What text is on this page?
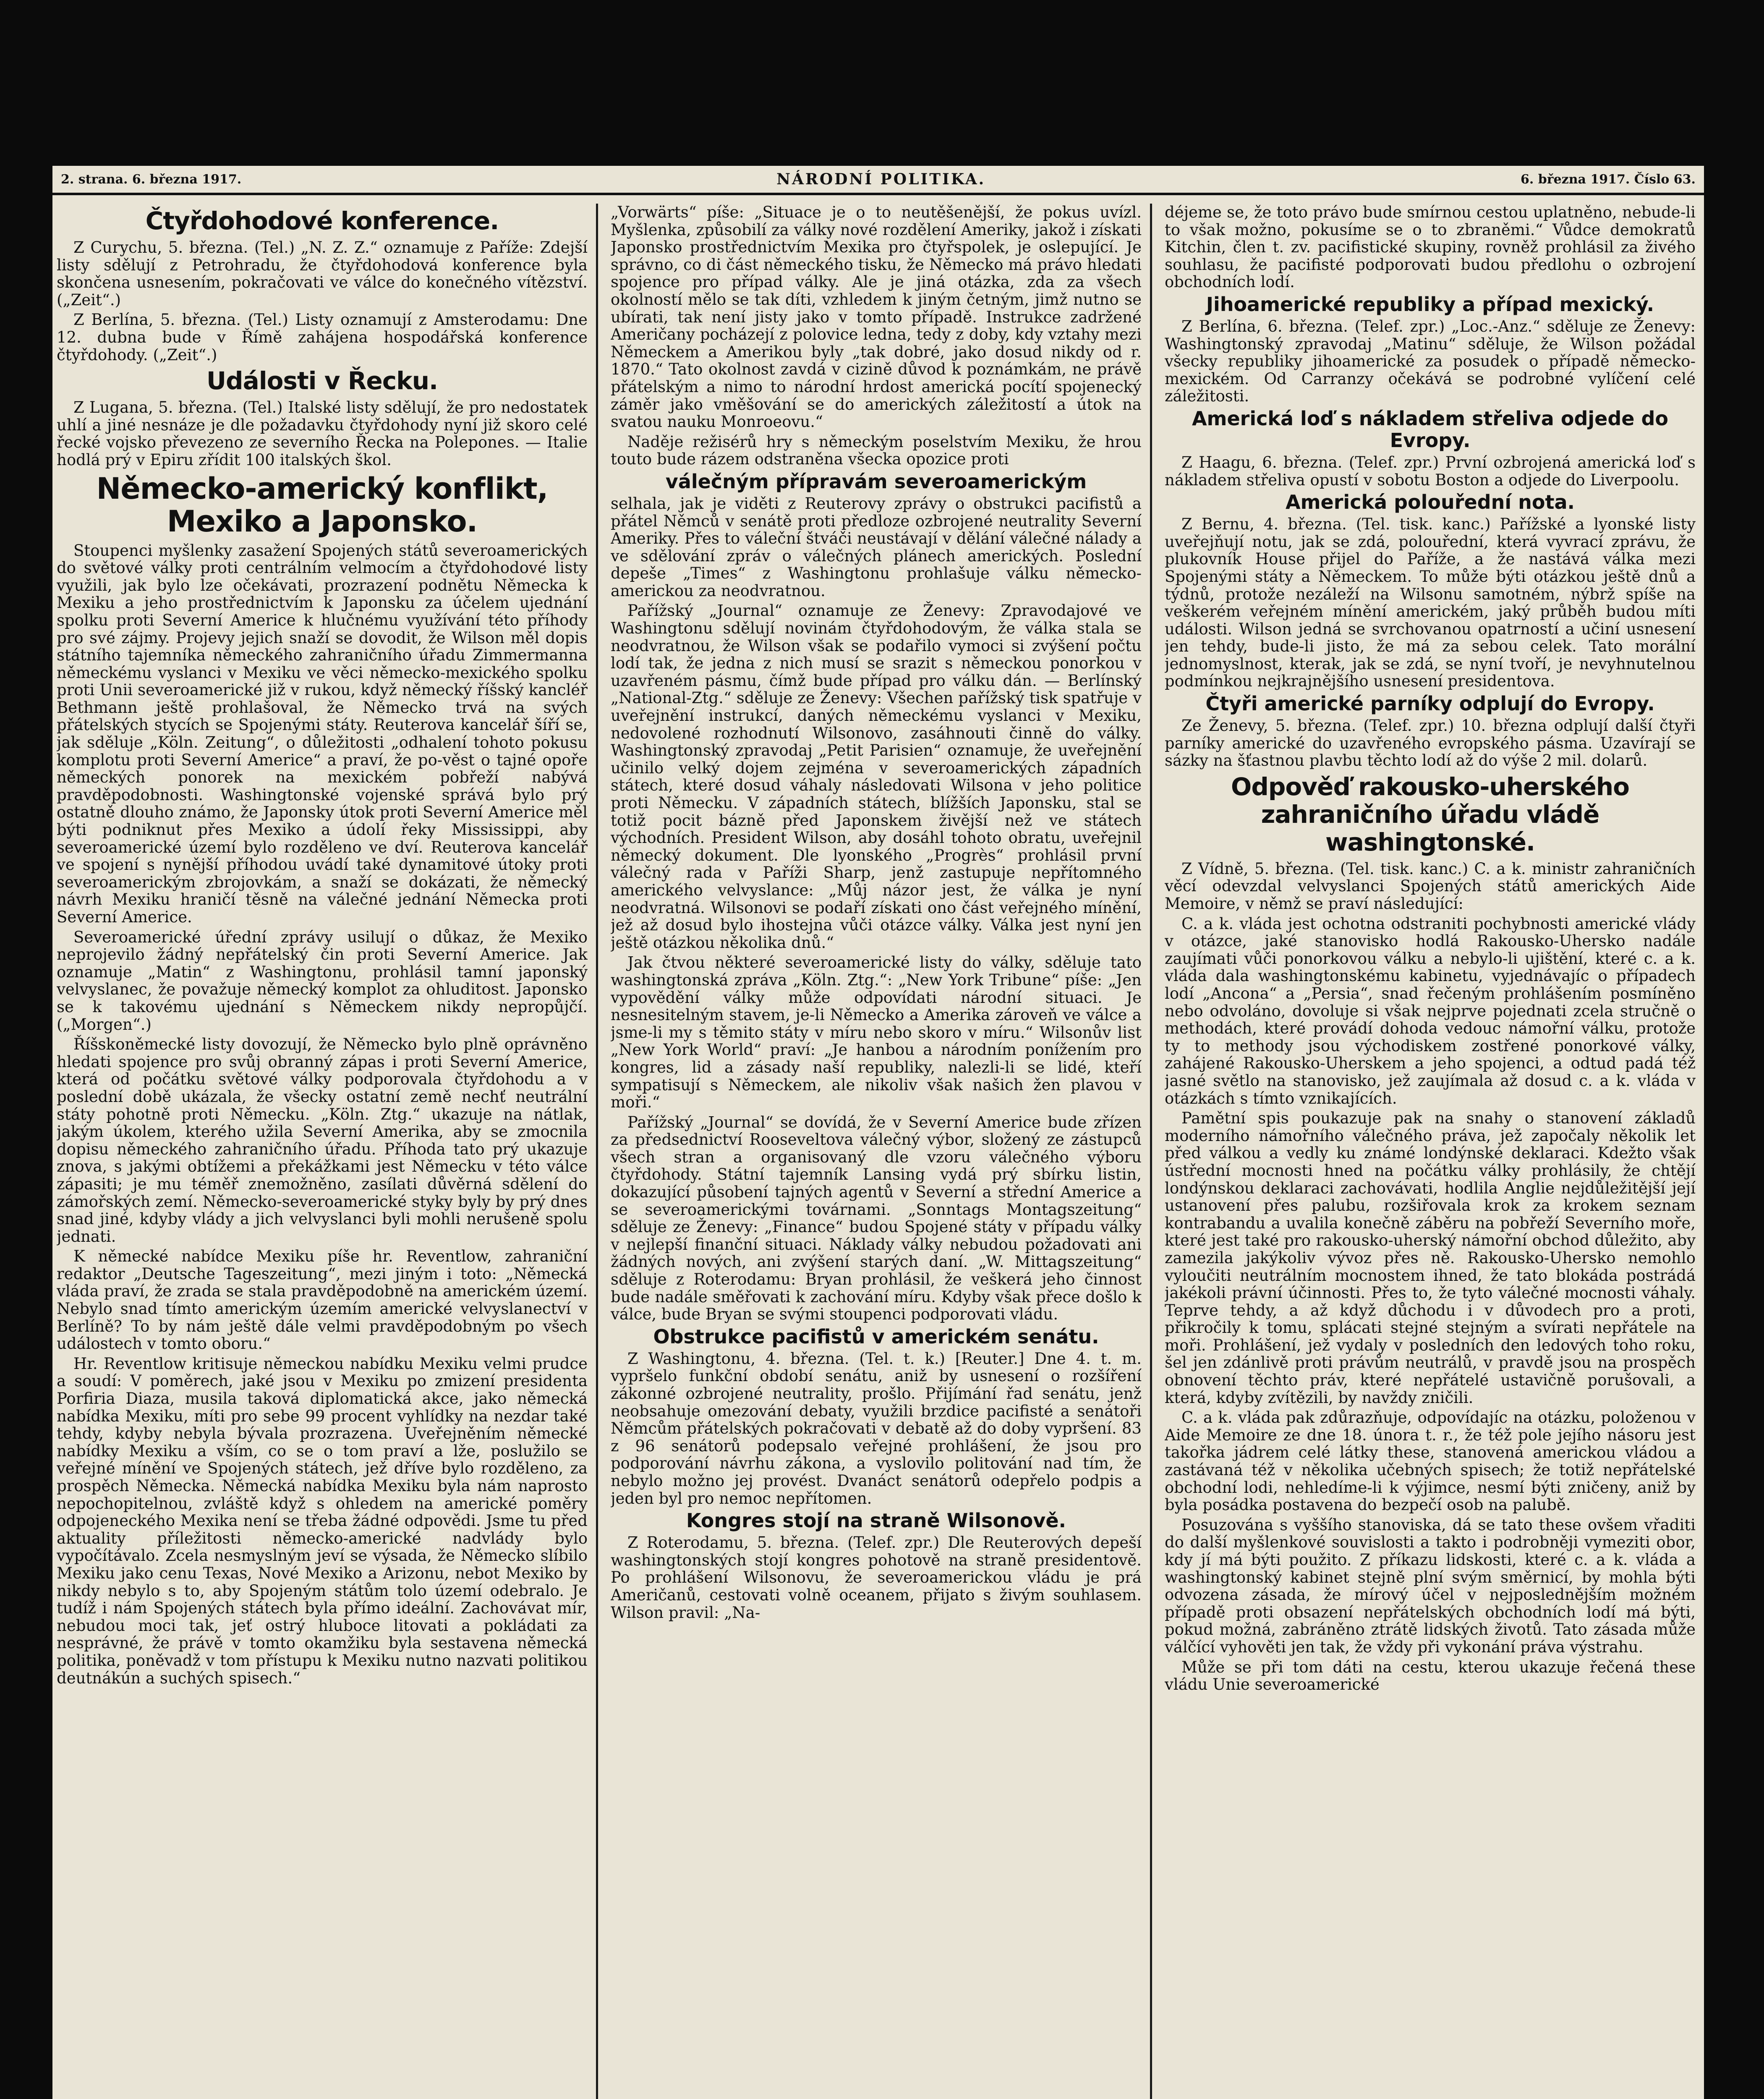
2. strana. 6. března 1917.	NÁRODNÍ POLITIKA.	6. března 1917. Číslo 63.
Čtyřdohodové konference.

Z Curychu, 5. března. (Tel.) „N. Z. Z.“ oznamuje z Paříže: Zdejší listy sdělují z Petrohradu, že čtyřdohodová konference byla skončena usnesením, pokračovati ve válce do konečného vítězství. („Zeit“.)

Z Berlína, 5. března. (Tel.) Listy oznamují z Amsterodamu: Dne 12. dubna bude v Římě zahájena hospodářská konference čtyřdohody. („Zeit“.)

Události v Řecku.

Z Lugana, 5. března. (Tel.) Italské listy sdělují, že pro nedostatek uhlí a jiné nesnáze je dle požadavku čtyřdohody nyní již skoro celé řecké vojsko převezeno ze severního Řecka na Polepones. — Italie hodlá prý v Epiru zřídit 100 italských škol.

Německo-americký konflikt, Mexiko a Japonsko.

Stoupenci myšlenky zasažení Spojených států severoamerických do světové války proti centrálním velmocím a čtyřdohodové listy využili, jak bylo lze očekávati, prozrazení podnětu Německa k Mexiku a jeho prostřednictvím k Japonsku za účelem ujednání spolku proti Severní Americe k hlučnému využívání této příhody pro své zájmy. Projevy jejich snaží se dovodit, že Wilson měl dopis státního tajemníka německého zahraničního úřadu Zimmermanna německému vyslanci v Mexiku ve věci německo-mexického spolku proti Unii severoamerické již v rukou, když německý říšský kancléř Bethmann ještě prohlašoval, že Německo trvá na svých přátelských stycích se Spojenými státy. Reuterova kancelář šíří se, jak sděluje „Köln. Zeitung“, o důležitosti „odhalení tohoto pokusu komplotu proti Severní Americe“ a praví, že po-věst o tajné opoře německých ponorek na mexickém pobřeží nabývá pravděpodobnosti. Washingtonské vojenské správá bylo prý ostatně dlouho známo, že Japonsky útok proti Severní Americe měl býti podniknut přes Mexiko a údolí řeky Mississippi, aby severoamerické území bylo rozděleno ve dví. Reuterova kancelář ve spojení s nynější příhodou uvádí také dynamitové útoky proti severoamerickým zbrojovkám, a snaží se dokázati, že německý návrh Mexiku hraničí těsně na válečné jednání Německa proti Severní Americe.

Severoamerické úřední zprávy usilují o důkaz, že Mexiko neprojevilo žádný nepřátelský čin proti Severní Americe. Jak oznamuje „Matin“ z Washingtonu, prohlásil tamní japonský velvyslanec, že považuje německý komplot za ohluditost. Japonsko se k takovému ujednání s Německem nikdy nepropůjčí. („Morgen“.)

Říšskoněmecké listy dovozují, že Německo bylo plně oprávněno hledati spojence pro svůj obranný zápas i proti Severní Americe, která od počátku světové války podporovala čtyřdohodu a v poslední době ukázala, že všecky ostatní země nechť neutrální státy pohotně proti Německu. „Köln. Ztg.“ ukazuje na nátlak, jakým úkolem, kterého užila Severní Amerika, aby se zmocnila dopisu německého zahraničního úřadu. Příhoda tato prý ukazuje znova, s jakými obtížemi a překážkami jest Německu v této válce zápasiti; je mu téměř znemožněno, zasílati důvěrná sdělení do zámořských zemí. Německo-severoamerické styky byly by prý dnes snad jiné, kdyby vlády a jich velvyslanci byli mohli nerušeně spolu jednati.

K německé nabídce Mexiku píše hr. Reventlow, zahraniční redaktor „Deutsche Tageszeitung“, mezi jiným i toto: „Německá vláda praví, že zrada se stala pravděpodobně na americkém území. Nebylo snad tímto americkým územím americké velvyslanectví v Berlíně? To by nám ještě dále velmi pravděpodobným po všech událostech v tomto oboru.“

Hr. Reventlow kritisuje německou nabídku Mexiku velmi prudce a soudí: V poměrech, jaké jsou v Mexiku po zmizení presidenta Porfiria Diaza, musila taková diplomatická akce, jako německá nabídka Mexiku, míti pro sebe 99 procent vyhlídky na nezdar také tehdy, kdyby nebyla bývala prozrazena. Uveřejněním německé nabídky Mexiku a vším, co se o tom praví a lže, poslužilo se veřejné mínění ve Spojených státech, jež dříve bylo rozděleno, za prospěch Německa. Německá nabídka Mexiku byla nám naprosto nepochopitelnou, zvláště když s ohledem na americké poměry odpojeneckého Mexika není se třeba žádné odpovědi. Jsme tu před aktuality příležitosti německo-americké nadvlády bylo vypočítávalo. Zcela nesmyslným jeví se výsada, že Německo slíbilo Mexiku jako cenu Texas, Nové Mexiko a Arizonu, nebot Mexiko by nikdy nebylo s to, aby Spojeným státům tolo území odebralo. Je tudíž i nám Spojených státech byla přímo ideální. Zachovávat mír, nebudou moci tak, jeť ostrý hluboce litovati a pokládati za nesprávné, že právě v tomto okamžiku byla sestavena německá politika, poněvadž v tom přístupu k Mexiku nutno nazvati politikou deutnákún a suchých spisech.“

„Vorwärts“ píše: „Situace je o to neutěšenější, že pokus uvízl. Myšlenka, způsobilí za války nové rozdělení Ameriky, jakož i získati Japonsko prostřednictvím Mexika pro čtyřspolek, je oslepující. Je správno, co di část německého tisku, že Německo má právo hledati spojence pro případ války. Ale je jiná otázka, zda za všech okolností mělo se tak díti, vzhledem k jiným četným, jimž nutno se ubírati, tak není jisty jako v tomto případě. Instrukce zadržené Američany pocházejí z polovice ledna, tedy z doby, kdy vztahy mezi Německem a Amerikou byly „tak dobré, jako dosud nikdy od r. 1870.“ Tato okolnost zavdá v cizině důvod k poznámkám, ne právě přátelským a nimo to národní hrdost americká pocítí spojenecký záměr jako vměšování se do amerických záležitostí a útok na svatou nauku Monroeovu.“

Naděje režisérů hry s německým poselstvím Mexiku, že hrou touto bude rázem odstraněna všecka opozice proti

válečným přípravám severoamerickým

selhala, jak je viděti z Reuterovy zprávy o obstrukci pacifistů a přátel Němců v senátě proti předloze ozbrojené neutrality Severní Ameriky. Přes to váleční štváči neustávají v dělání válečné nálady a ve sdělování zpráv o válečných plánech amerických. Poslední depeše „Times“ z Washingtonu prohlašuje válku německo-americkou za neodvratnou.

Pařížský „Journal“ oznamuje ze Ženevy: Zpravodajové ve Washingtonu sdělují novinám čtyřdohodovým, že válka stala se neodvratnou, že Wilson však se podařilo vymoci si zvýšení počtu lodí tak, že jedna z nich musí se srazit s německou ponorkou v uzavřeném pásmu, čímž bude případ pro válku dán. — Berlínský „National-Ztg.“ sděluje ze Ženevy: Všechen pařížský tisk spatřuje v uveřejnění instrukcí, daných německému vyslanci v Mexiku, nedovolené rozhodnutí Wilsonovo, zasáhnouti činně do války. Washingtonský zpravodaj „Petit Parisien“ oznamuje, že uveřejnění učinilo velký dojem zejména v severoamerických západních státech, které dosud váhaly následovati Wilsona v jeho politice proti Německu. V západních státech, blížších Japonsku, stal se totiž pocit bázně před Japonskem živější než ve státech východních. President Wilson, aby dosáhl tohoto obratu, uveřejnil německý dokument. Dle lyonského „Progrès“ prohlásil první válečný rada v Paříži Sharp, jenž zastupuje nepřítomného amerického velvyslance: „Můj názor jest, že válka je nyní neodvratná. Wilsonovi se podaří získati ono část veřejného mínění, jež až dosud bylo ihostejna vůči otázce války. Válka jest nyní jen ještě otázkou několika dnů.“

Jak čtvou některé severoamerické listy do války, sděluje tato washingtonská zpráva „Köln. Ztg.“: „New York Tribune“ píše: „Jen vypovědění války může odpovídati národní situaci. Je nesnesitelným stavem, je-li Německo a Amerika zároveň ve válce a jsme-li my s těmito státy v míru nebo skoro v míru.“ Wilsonův list „New York World“ praví: „Je hanbou a národním ponížením pro kongres, lid a zásady naší republiky, nalezli-li se lidé, kteří sympatisují s Německem, ale nikoliv však našich žen plavou v moři.“

Pařížský „Journal“ se dovídá, že v Severní Americe bude zřízen za předsednictví Rooseveltova válečný výbor, složený ze zástupců všech stran a organisovaný dle vzoru válečného výboru čtyřdohody. Státní tajemník Lansing vydá prý sbírku listin, dokazující působení tajných agentů v Severní a střední Americe a se severoamerickými továrnami. „Sonntags Montagszeitung“ sděluje ze Ženevy: „Finance“ budou Spojené státy v případu války v nejlepší finanční situaci. Náklady války nebudou požadovati ani žádných nových, ani zvýšení starých daní. „W. Mittagszeitung“ sděluje z Roterodamu: Bryan prohlásil, že veškerá jeho činnost bude nadále směřovati k zachování míru. Kdyby však přece došlo k válce, bude Bryan se svými stoupenci podporovati vládu.

Obstrukce pacifistů v americkém senátu.

Z Washingtonu, 4. března. (Tel. t. k.) [Reuter.] Dne 4. t. m. vypršelo funkční období senátu, aniž by usnesení o rozšíření zákonné ozbrojené neutrality, prošlo. Přijímání řad senátu, jenž neobsahuje omezování debaty, využili brzdice pacifisté a senátoři Němcům přátelských pokračovati v debatě až do doby vypršení. 83 z 96 senátorů podepsalo veřejné prohlášení, že jsou pro podporování návrhu zákona, a vyslovilo politování nad tím, že nebylo možno jej provést. Dvanáct senátorů odepřelo podpis a jeden byl pro nemoc nepřítomen.

Kongres stojí na straně Wilsonově.

Z Roterodamu, 5. března. (Telef. zpr.) Dle Reuterových depeší washingtonských stojí kongres pohotově na straně presidentově. Po prohlášení Wilsonovu, že severoamerickou vládu je prá Američanů, cestovati volně oceanem, přijato s živým souhlasem. Wilson pravil: „Na-

déjeme se, že toto právo bude smírnou cestou uplatněno, nebude-li to však možno, pokusíme se o to zbraněmi.“ Vůdce demokratů Kitchin, člen t. zv. pacifistické skupiny, rovněž prohlásil za živého souhlasu, že pacifisté podporovati budou předlohu o ozbrojení obchodních lodí.

Jihoamerické republiky a případ mexický.

Z Berlína, 6. března. (Telef. zpr.) „Loc.-Anz.“ sděluje ze Ženevy: Washingtonský zpravodaj „Matinu“ sděluje, že Wilson požádal všecky republiky jihoamerické za posudek o případě německo-mexickém. Od Carranzy očekává se podrobné vylíčení celé záležitosti.

Americká loď s nákladem střeliva odjede do Evropy.

Z Haagu, 6. března. (Telef. zpr.) První ozbrojená americká loď s nákladem střeliva opustí v sobotu Boston a odjede do Liverpoolu.

Americká polouřední nota.

Z Bernu, 4. března. (Tel. tisk. kanc.) Pařížské a lyonské listy uveřejňují notu, jak se zdá, polouřední, která vyvrací zprávu, že plukovník House přijel do Paříže, a že nastává válka mezi Spojenými státy a Německem. To může býti otázkou ještě dnů a týdnů, protože nezáleží na Wilsonu samotném, nýbrž spíše na veškerém veřejném mínění americkém, jaký průběh budou míti události. Wilson jedná se svrchovanou opatrností a učiní usnesení jen tehdy, bude-li jisto, že má za sebou celek. Tato morální jednomyslnost, kterak, jak se zdá, se nyní tvoří, je nevyhnutelnou podmínkou nejkrajnějšího usnesení presidentova.

Čtyři americké parníky odplují do Evropy.

Ze Ženevy, 5. března. (Telef. zpr.) 10. března odplují další čtyři parníky americké do uzavřeného evropského pásma. Uzavírají se sázky na šťastnou plavbu těchto lodí až do výše 2 mil. dolarů.

Odpověď rakousko-uherského zahraničního úřadu vládě washingtonské.

Z Vídně, 5. března. (Tel. tisk. kanc.) C. a k. ministr zahraničních věcí odevzdal velvyslanci Spojených států amerických Aide Memoire, v němž se praví následující:

C. a k. vláda jest ochotna odstraniti pochybnosti americké vlády v otázce, jaké stanovisko hodlá Rakousko-Uhersko nadále zaujímati vůči ponorkovou válku a nebylo-li ujištění, které c. a k. vláda dala washingtonskému kabinetu, vyjednávajíc o případech lodí „Ancona“ a „Persia“, snad řečeným prohlášením posmíněno nebo odvoláno, dovoluje si však nejprve pojednati zcela stručně o methodách, které provádí dohoda vedouc námořní válku, protože ty to methody jsou východiskem zostřené ponorkové války, zahájené Rakousko-Uherskem a jeho spojenci, a odtud padá též jasné světlo na stanovisko, jež zaujímala až dosud c. a k. vláda v otázkách s tímto vznikajících.

Pamětní spis poukazuje pak na snahy o stanovení základů moderního námořního válečného práva, jež započaly několik let před válkou a vedly ku známé londýnské deklaraci. Kdežto však ústřední mocnosti hned na počátku války prohlásily, že chtějí londýnskou deklaraci zachovávati, hodlila Anglie nejdůležitější její ustanovení přes palubu, rozšiřovala krok za krokem seznam kontrabandu a uvalila konečně záběru na pobřeží Severního moře, které jest také pro rakousko-uherský námořní obchod důležito, aby zamezila jakýkoliv vývoz přes ně. Rakousko-Uhersko nemohlo vyloučiti neutrálním mocnostem ihned, že tato blokáda postrádá jakékoli právní účinnosti. Přes to, že tyto válečné mocnosti váhaly. Teprve tehdy, a až když důchodu i v důvodech pro a proti, přikročily k tomu, splácati stejné stejným a svírati nepřátele na moři. Prohlášení, jež vydaly v posledních den ledových toho roku, šel jen zdánlivě proti právům neutrálů, v pravdě jsou na prospěch obnovení těchto práv, které nepřátelé ustavičně porušovali, a která, kdyby zvítězili, by navždy zničili.

C. a k. vláda pak zdůrazňuje, odpovídajíc na otázku, položenou v Aide Memoire ze dne 18. února t. r., že též pole jejího násoru jest takořka jádrem celé látky these, stanovená americkou vládou a zastávaná též v několika učebných spisech; že totiž nepřátelské obchodní lodi, nehledíme-li k výjimce, nesmí býti zničeny, aniž by byla posádka postavena do bezpečí osob na palubě.

Posuzována s vyššího stanoviska, dá se tato these ovšem vřaditi do další myšlenkové souvislosti a takto i podrobněji vymeziti obor, kdy jí má býti použito. Z příkazu lidskosti, které c. a k. vláda a washingtonský kabinet stejně plní svým směrnicí, by mohla býti odvozena zásada, že mírový účel v nejposlednějším možném případě proti obsazení nepřátelských obchodních lodí má býti, pokud možná, zabráněno ztrátě lidských životů. Tato zásada může válčící vyhověti jen tak, že vždy při vykonání práva výstrahu.

Může se při tom dáti na cestu, kterou ukazuje řečená these vládu Unie severoamerické
